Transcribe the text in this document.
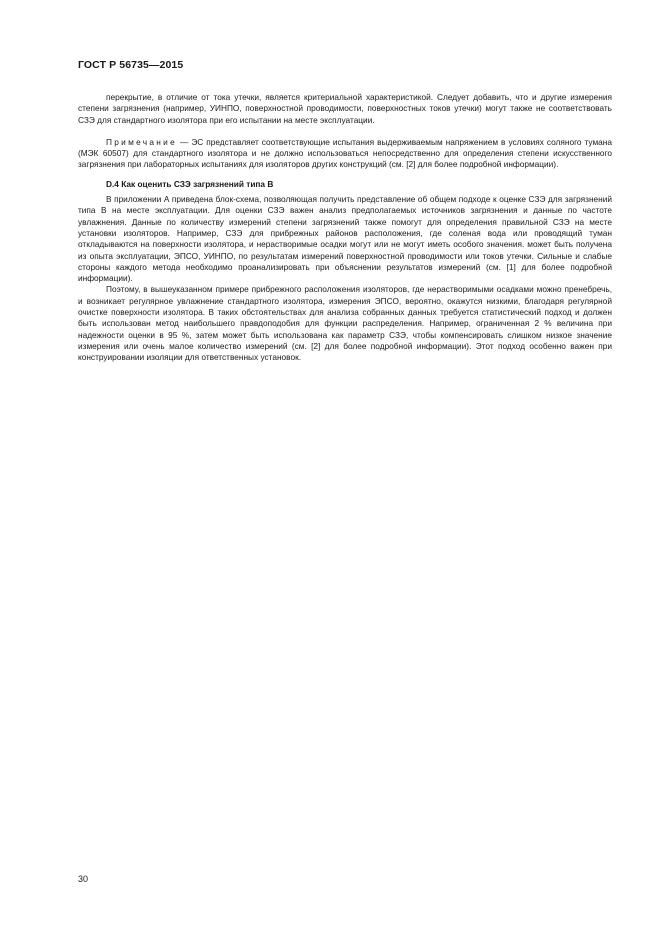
ГОСТ Р 56735—2015

перекрытие, в отличие от тока утечки, является критериальной характеристикой. Следует добавить, что и другие измерения степени загрязнения (например, УИНПО, поверхностной проводимости, поверхностных токов утечки) могут также не соответствовать СЗЭ для стандартного изолятора при его испытании на месте эксплуатации.

Примечание — ЭС представляет соответствующие испытания выдерживаемым напряжением в условиях соляного тумана (МЭК 60507) для стандартного изолятора и не должно использоваться непосредственно для определения степени искусственного загрязнения при лабораторных испытаниях для изоляторов других конструкций (см. [2] для более подробной информации).

D.4 Как оценить СЗЭ загрязнений типа В

В приложении А приведена блок-схема, позволяющая получить представление об общем подходе к оценке СЗЭ для загрязнений типа В на месте эксплуатации. Для оценки СЗЭ важен анализ предполагаемых источников загрязнения и данные по частоте увлажнения. Данные по количеству измерений степени загрязнений также помогут для определения правильной СЗЭ на месте установки изоляторов. Например, СЗЭ для прибрежных районов расположения, где соленая вода или проводящий туман откладываются на поверхности изолятора, и нерастворимые осадки могут или не могут иметь особого значения. может быть получена из опыта эксплуатации, ЭПСО, УИНПО, по результатам измерений поверхностной проводимости или токов утечки. Сильные и слабые стороны каждого метода необходимо проанализировать при объяснении результатов измерений (см. [1] для более подробной информации).

Поэтому, в вышеуказанном примере прибрежного расположения изоляторов, где нерастворимыми осадками можно пренебречь, и возникает регулярное увлажнение стандартного изолятора, измерения ЭПСО, вероятно, окажутся низкими, благодаря регулярной очистке поверхности изолятора. В таких обстоятельствах для анализа собранных данных требуется статистический подход и должен быть использован метод наибольшего правдоподобия для функции распределения. Например, ограниченная 2 % величина при надежности оценки в 95 %, затем может быть использована как параметр СЗЭ, чтобы компенсировать слишком низкое значение измерения или очень малое количество измерений (см. [2] для более подробной информации). Этот подход особенно важен при конструировании изоляции для ответственных установок.

30
